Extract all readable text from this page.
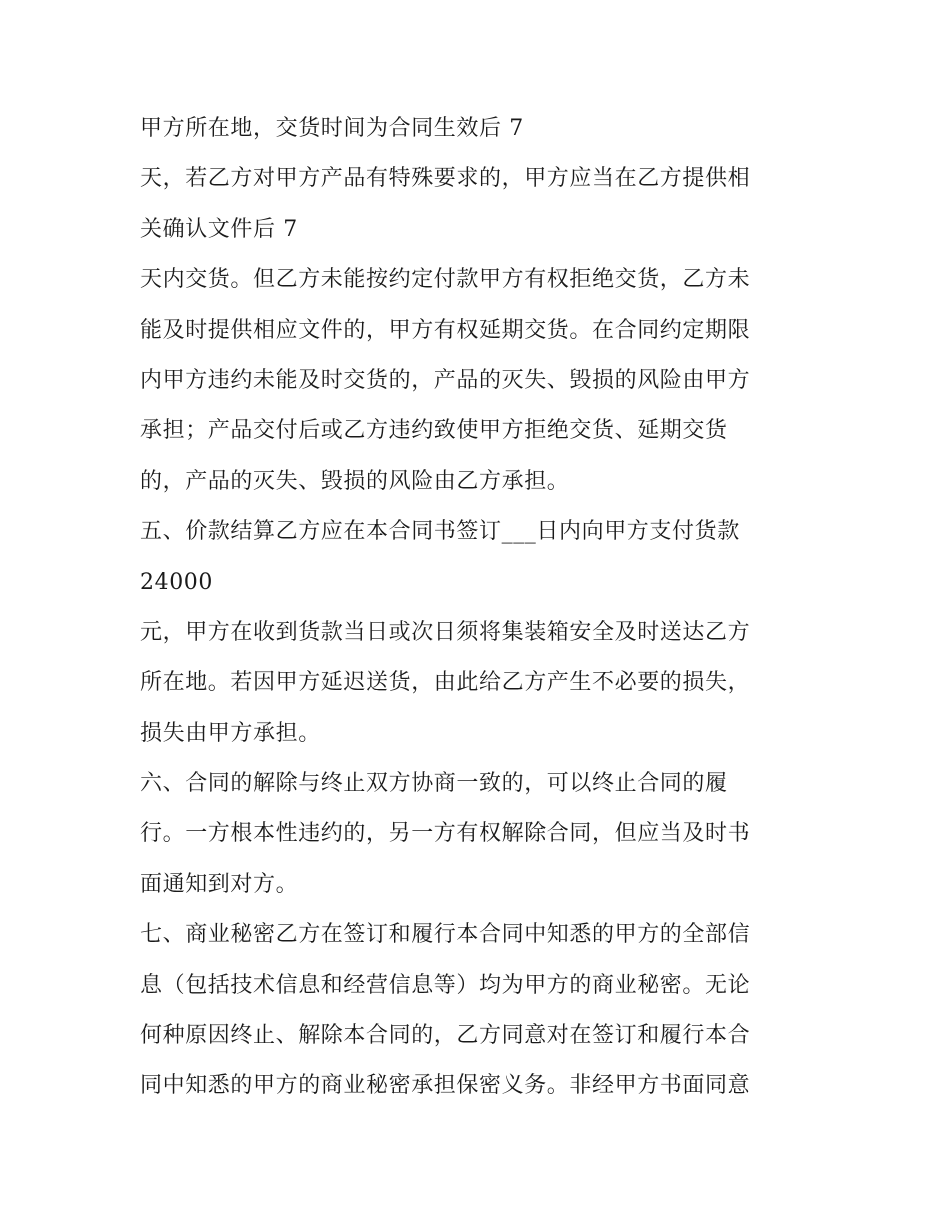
甲方所在地，交货时间为合同生效后 7
天，若乙方对甲方产品有特殊要求的，甲方应当在乙方提供相
关确认文件后 7
天内交货。但乙方未能按约定付款甲方有权拒绝交货，乙方未
能及时提供相应文件的，甲方有权延期交货。在合同约定期限
内甲方违约未能及时交货的，产品的灭失、毁损的风险由甲方
承担；产品交付后或乙方违约致使甲方拒绝交货、延期交货
的，产品的灭失、毁损的风险由乙方承担。
五、价款结算乙方应在本合同书签订___日内向甲方支付货款
24000
元，甲方在收到货款当日或次日须将集装箱安全及时送达乙方
所在地。若因甲方延迟送货，由此给乙方产生不必要的损失，
损失由甲方承担。
六、合同的解除与终止双方协商一致的，可以终止合同的履
行。一方根本性违约的，另一方有权解除合同，但应当及时书
面通知到对方。
七、商业秘密乙方在签订和履行本合同中知悉的甲方的全部信
息（包括技术信息和经营信息等）均为甲方的商业秘密。无论
何种原因终止、解除本合同的，乙方同意对在签订和履行本合
同中知悉的甲方的商业秘密承担保密义务。非经甲方书面同意
